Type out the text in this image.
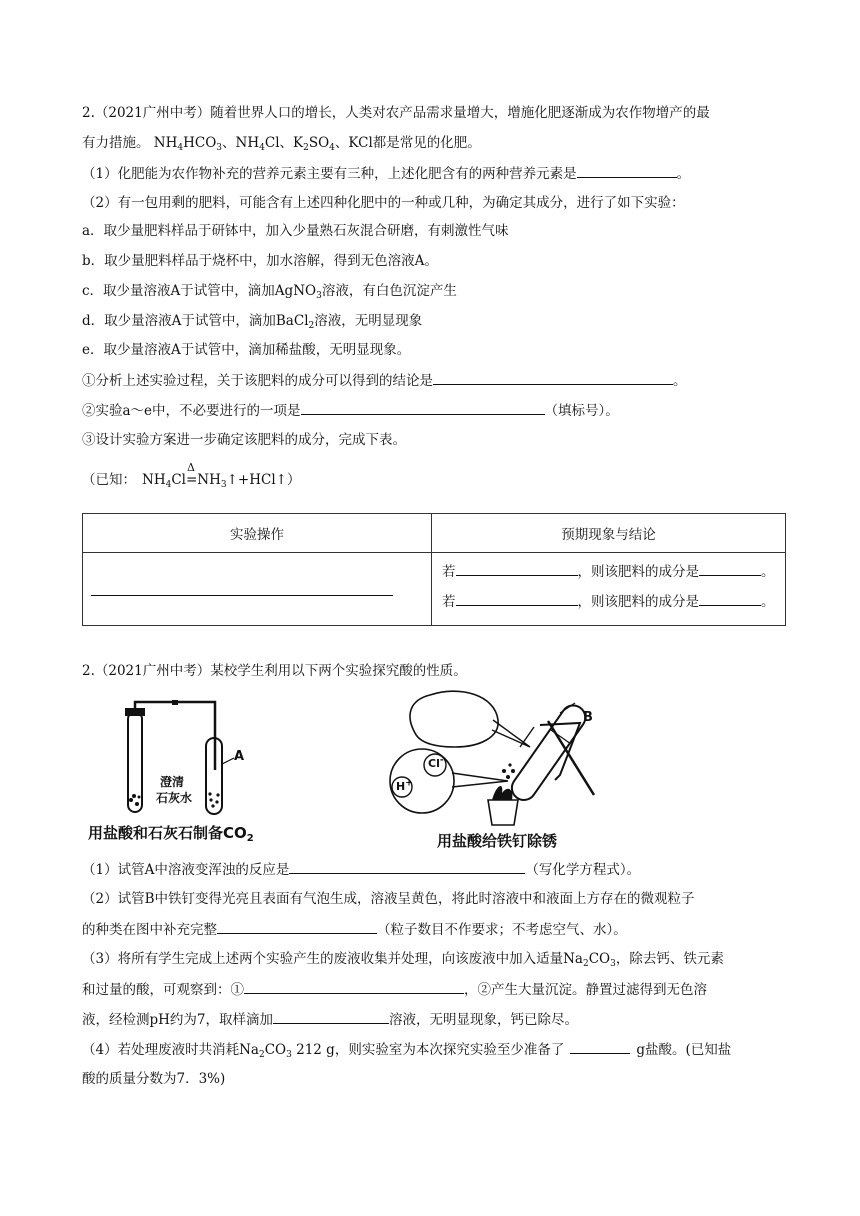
2.（2021广州中考）随着世界人口的增长，人类对农产品需求量增大，增施化肥逐渐成为农作物增产的最
有力措施。 $NH_4HCO_3$、$NH_4Cl$、$K_2SO_4$、KCl都是常见的化肥。
（1）化肥能为农作物补充的营养元素主要有三种，上述化肥含有的两种营养元素是	。
（2）有一包用剩的肥料，可能含有上述四种化肥中的一种或几种，为确定其成分，进行了如下实验：
a．取少量肥料样品于研钵中，加入少量熟石灰混合研磨，有刺激性气味
b．取少量肥料样品于烧杯中，加水溶解，得到无色溶液A。
c．取少量溶液A于试管中，滴加AgNO$_3$溶液，有白色沉淀产生
d．取少量溶液A于试管中，滴加BaCl$_2$溶液，无明显现象
e．取少量溶液A于试管中，滴加稀盐酸，无明显现象。
①分析上述实验过程，关于该肥料的成分可以得到的结论是	。
②实验a～e中，不必要进行的一项是	（填标号）。
③设计实验方案进一步确定该肥料的成分，完成下表。
（已知： $NH_4Cl$
Δ
$=NH_3↑+HCl↑$）
实验操作	预期现象与结论

	若 ，则该肥料的成分是 。
若 ，则该肥料的成分是 。
2.（2021广州中考）某校学生利用以下两个实验探究酸的性质。
A
澄清
石灰水
用盐酸和石灰石制备$CO_2$
B
H+
Cl-
用盐酸给铁钉除锈
（1）试管A中溶液变浑浊的反应是	（写化学方程式）。
（2）试管B中铁钉变得光亮且表面有气泡生成，溶液呈黄色，将此时溶液中和液面上方存在的微观粒子
的种类在图中补充完整	（粒子数目不作要求；不考虑空气、水）。
（3）将所有学生完成上述两个实验产生的废液收集并处理，向该废液中加入适量$Na_2CO_3$，除去钙、铁元素
和过量的酸，可观察到：①	，②产生大量沉淀。静置过滤得到无色溶
液，经检测pH约为7，取样滴加	溶液，无明显现象，钙已除尽。
（4）若处理废液时共消耗$Na_2CO_3$ 212 g，则实验室为本次探究实验至少准备了	g盐酸。(已知盐
酸的质量分数为7．3%)
